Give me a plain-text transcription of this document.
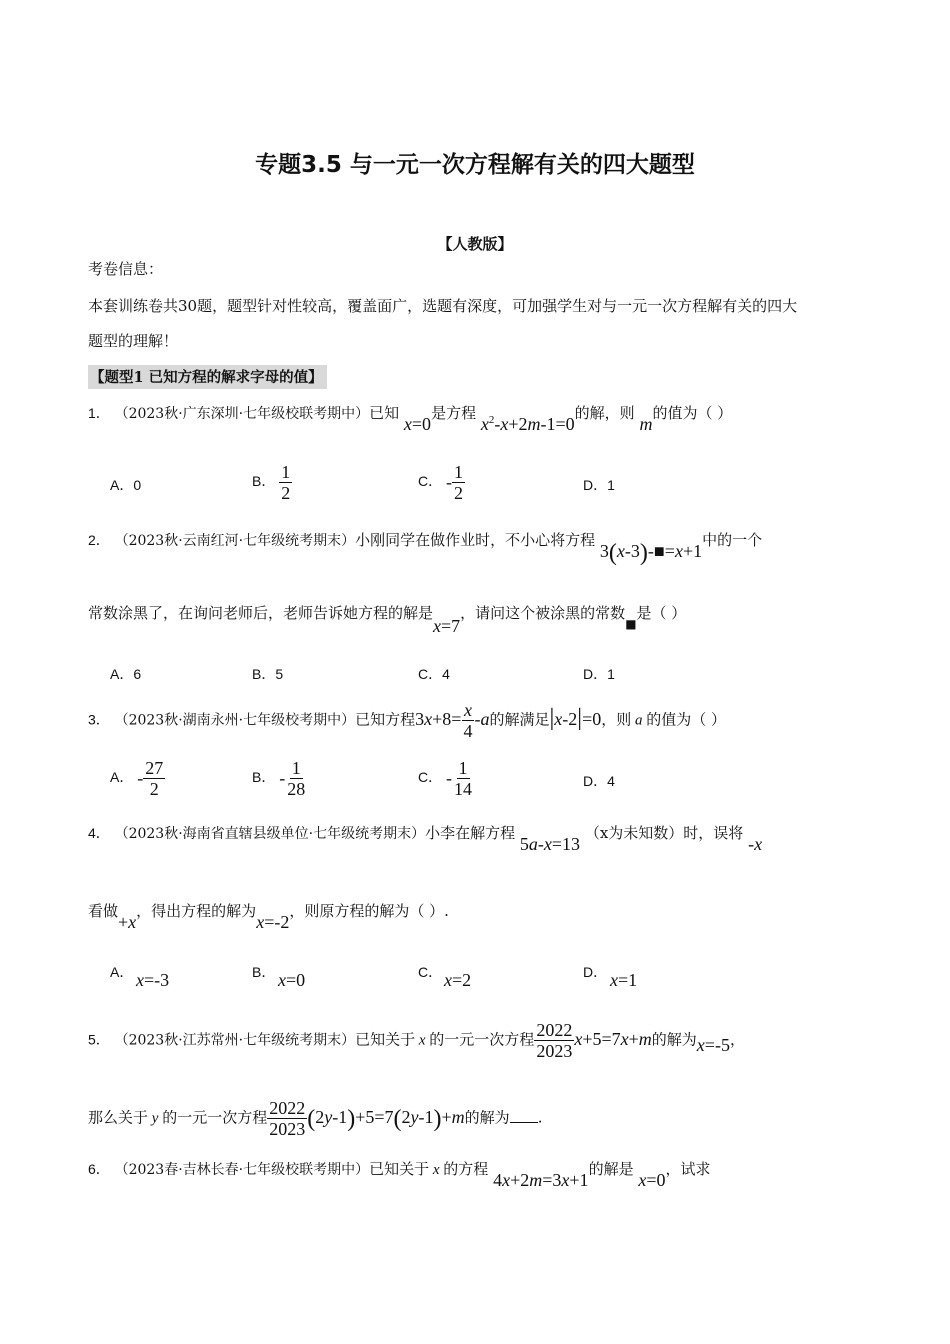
专题3.5 与一元一次方程解有关的四大题型
【人教版】
考卷信息：
本套训练卷共30题，题型针对性较高，覆盖面广，选题有深度，可加强学生对与一元一次方程解有关的四大
题型的理解！
【题型1 已知方程的解求字母的值】
1． （2023秋·广东深圳·七年级校联考期中）已知 x=0是方程 $x^2-x+2m-1=0$的解，则 m的值为（ ）
A．0	B． $\frac{1}{2}$	C． - $\frac{1}{2}$	D．1
2． （2023秋·云南红河·七年级统考期末）小刚同学在做作业时，不小心将方程 3(x-3)-■=x+1中的一个
常数涂黑了，在询问老师后，老师告诉她方程的解是x=7，请问这个被涂黑的常数$_■$是（ ）
A．6	B．5	C．4	D．1
3． （2023秋·湖南永州·七年级校考期中）已知方程$3x+8= \frac{x}{4} -a$的解满足|x-2|=0，则 a 的值为（ ）
A． - $\frac{27}{2}$	B． - $\frac{1}{28}$	C． - $\frac{1}{14}$	D．4
4． （2023秋·海南省直辖县级单位·七年级统考期末）小李在解方程 5a-x=13 （x为未知数）时，误将 -x
看做+x，得出方程的解为x=-2，则原方程的解为（ ）.
A． x=-3	B． x=0	C． x=2	D． x=1
5． （2023秋·江苏常州·七年级统考期末）已知关于 x 的一元一次方程 $\frac{2022}{2023} x+5=7x+m$的解为x=-5，
那么关于 y 的一元一次方程 $\frac{2022}{2023} (2y-1)+5=7(2y-1)+m$的解为 .
6． （2023春·吉林长春·七年级校联考期中）已知关于 x 的方程 4x+2m=3x+1的解是 x=0，试求
